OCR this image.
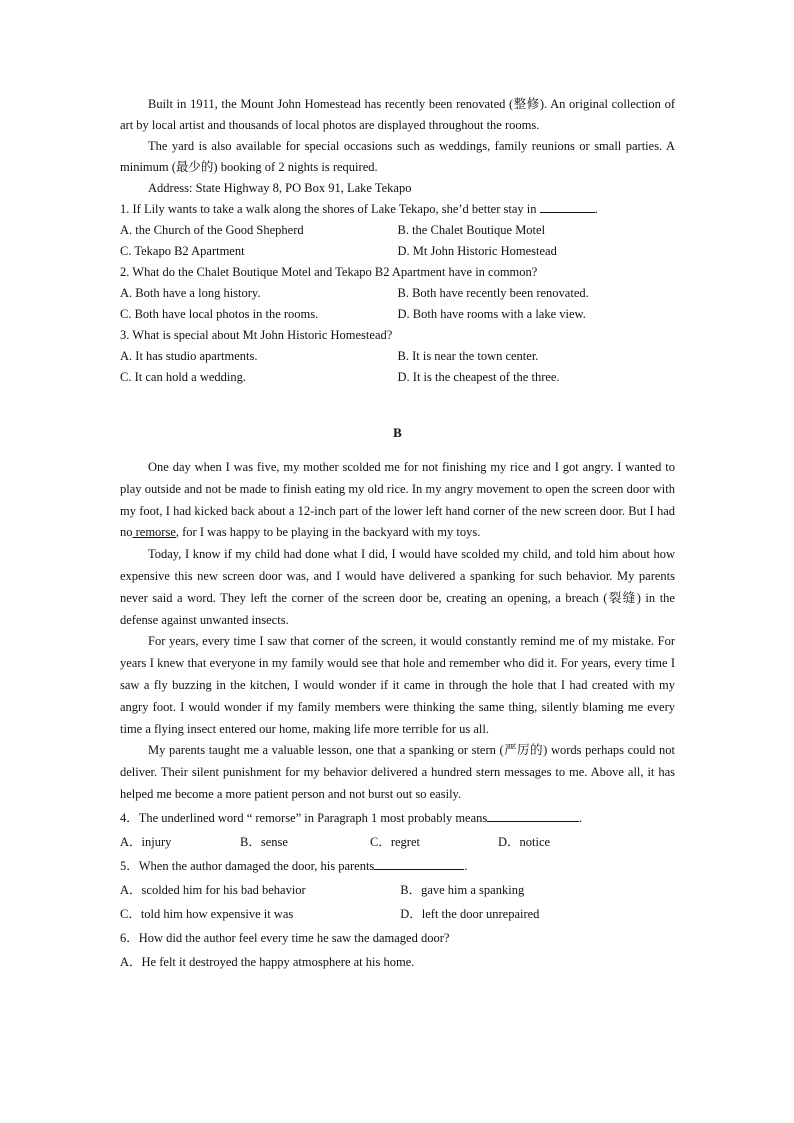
Built in 1911, the Mount John Homestead has recently been renovated (整修). An original collection of art by local artist and thousands of local photos are displayed throughout the rooms.

The yard is also available for special occasions such as weddings, family reunions or small parties. A minimum (最少的) booking of 2 nights is required.

Address: State Highway 8, PO Box 91, Lake Tekapo

1. If Lily wants to take a walk along the shores of Lake Tekapo, she’d better stay in	.

A. the Church of the Good Shepherd	B. the Chalet Boutique Motel
C. Tekapo B2 Apartment	D. Mt John Historic Homestead

2. What do the Chalet Boutique Motel and Tekapo B2 Apartment have in common?

A. Both have a long history.	B. Both have recently been renovated.
C. Both have local photos in the rooms.	D. Both have rooms with a lake view.

3. What is special about Mt John Historic Homestead?

A. It has studio apartments.	B. It is near the town center.
C. It can hold a wedding.	D. It is the cheapest of the three.
B

One day when I was five, my mother scolded me for not finishing my rice and I got angry. I wanted to play outside and not be made to finish eating my old rice. In my angry movement to open the screen door with my foot, I had kicked back about a 12-inch part of the lower left hand corner of the new screen door. But I had no remorse, for I was happy to be playing in the backyard with my toys.

Today, I know if my child had done what I did, I would have scolded my child, and told him about how expensive this new screen door was, and I would have delivered a spanking for such behavior. My parents never said a word. They left the corner of the screen door be, creating an opening, a breach (裂缝) in the defense against unwanted insects.

For years, every time I saw that corner of the screen, it would constantly remind me of my mistake. For years I knew that everyone in my family would see that hole and remember who did it. For years, every time I saw a fly buzzing in the kitchen, I would wonder if it came in through the hole that I had created with my angry foot. I would wonder if my family members were thinking the same thing, silently blaming me every time a flying insect entered our home, making life more terrible for us all.

My parents taught me a valuable lesson, one that a spanking or stern (严厉的) words perhaps could not deliver. Their silent punishment for my behavior delivered a hundred stern messages to me. Above all, it has helped me become a more patient person and not burst out so easily.

4．The underlined word “ remorse” in Paragraph 1 most probably means	.

A．injury	B．sense	C．regret	D．notice

5．When the author damaged the door, his parents	.

A．scolded him for his bad behavior	B．gave him a spanking
C．told him how expensive it was	D．left the door unrepaired

6．How did the author feel every time he saw the damaged door?

A．He felt it destroyed the happy atmosphere at his home.
